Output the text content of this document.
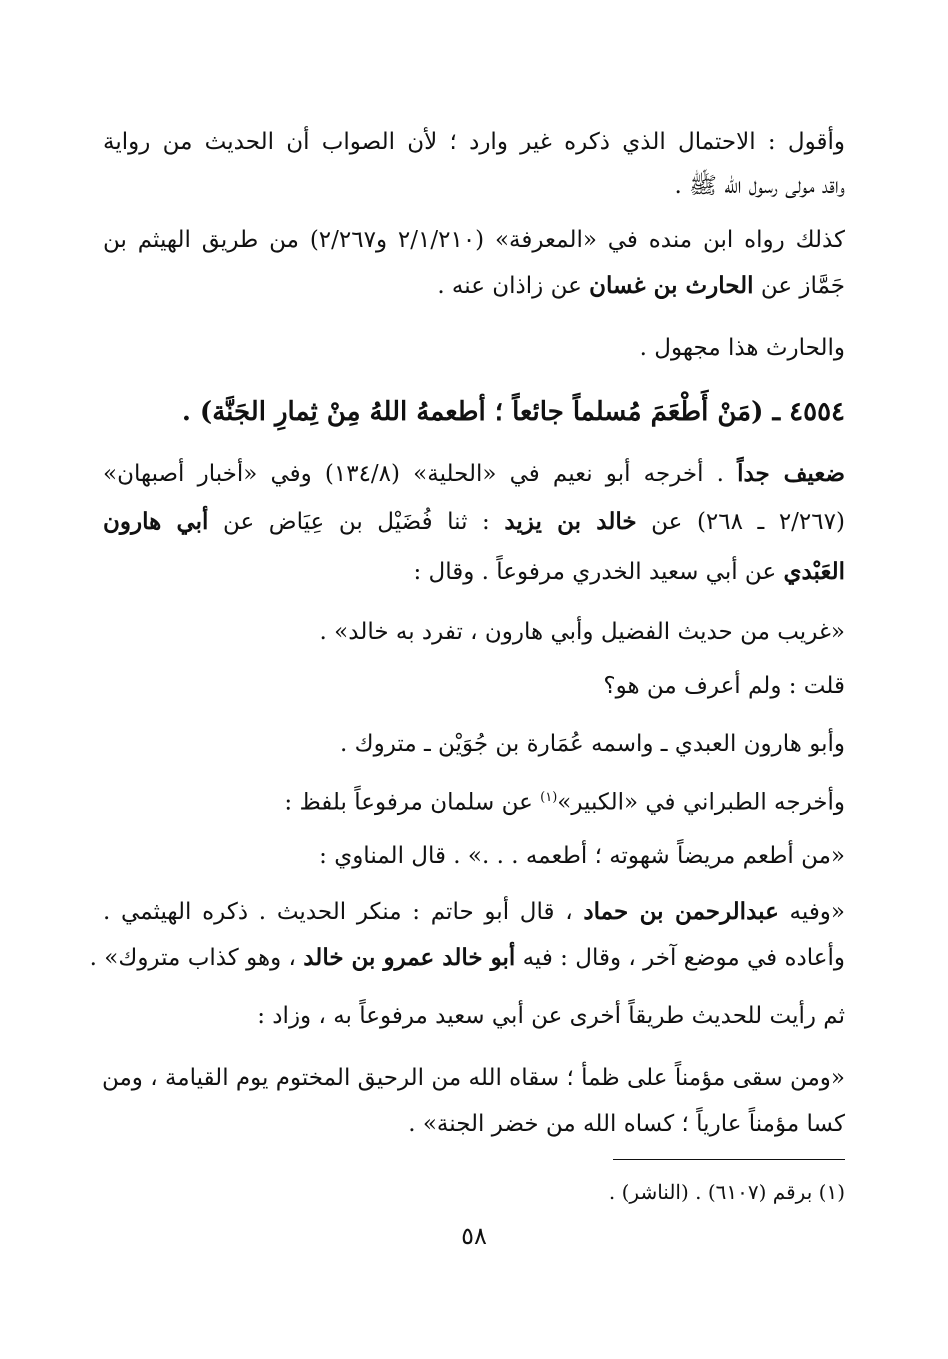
وأقول : الاحتمال الذي ذكره غير وارد ؛ لأن الصواب أن الحديث من رواية
واقد مولى رسول الله ﷺ .
كذلك رواه ابن منده في «المعرفة» (٢/١/٢١٠ و٢/٢٦٧) من طريق الهيثم بن
جَمَّاز عن الحارث بن غسان عن زاذان عنه .
والحارث هذا مجهول .
٤٥٥٤ ـ (مَنْ أَطْعَمَ مُسلماً جائعاً ؛ أطعمهُ اللهُ مِنْ ثِمارِ الجَنَّة) .
ضعيف جداً . أخرجه أبو نعيم في «الحلية» (١٣٤/٨) وفي «أخبار أصبهان»
(٢/٢٦٧ ـ ٢٦٨) عن خالد بن يزيد : ثنا فُضَيْل بن عِيَاض عن أبي هارون
العَبْدي عن أبي سعيد الخدري مرفوعاً . وقال :
«غريب من حديث الفضيل وأبي هارون ، تفرد به خالد» .
قلت : ولم أعرف من هو؟
وأبو هارون العبدي ـ واسمه عُمَارة بن جُوَيْن ـ متروك .
وأخرجه الطبراني في «الكبير»$^{(١)}$ عن سلمان مرفوعاً بلفظ :
«من أطعم مريضاً شهوته ؛ أطعمه . . .» . قال المناوي :
«وفيه عبدالرحمن بن حماد ، قال أبو حاتم : منكر الحديث . ذكره الهيثمي .
وأعاده في موضع آخر ، وقال : فيه أبو خالد عمرو بن خالد ، وهو كذاب متروك» .
ثم رأيت للحديث طريقاً أخرى عن أبي سعيد مرفوعاً به ، وزاد :
«ومن سقى مؤمناً على ظمأ ؛ سقاه الله من الرحيق المختوم يوم القيامة ، ومن
كسا مؤمناً عارياً ؛ كساه الله من خضر الجنة» .
(١) برقم (٦١٠٧) . (الناشر) .
٥٨
